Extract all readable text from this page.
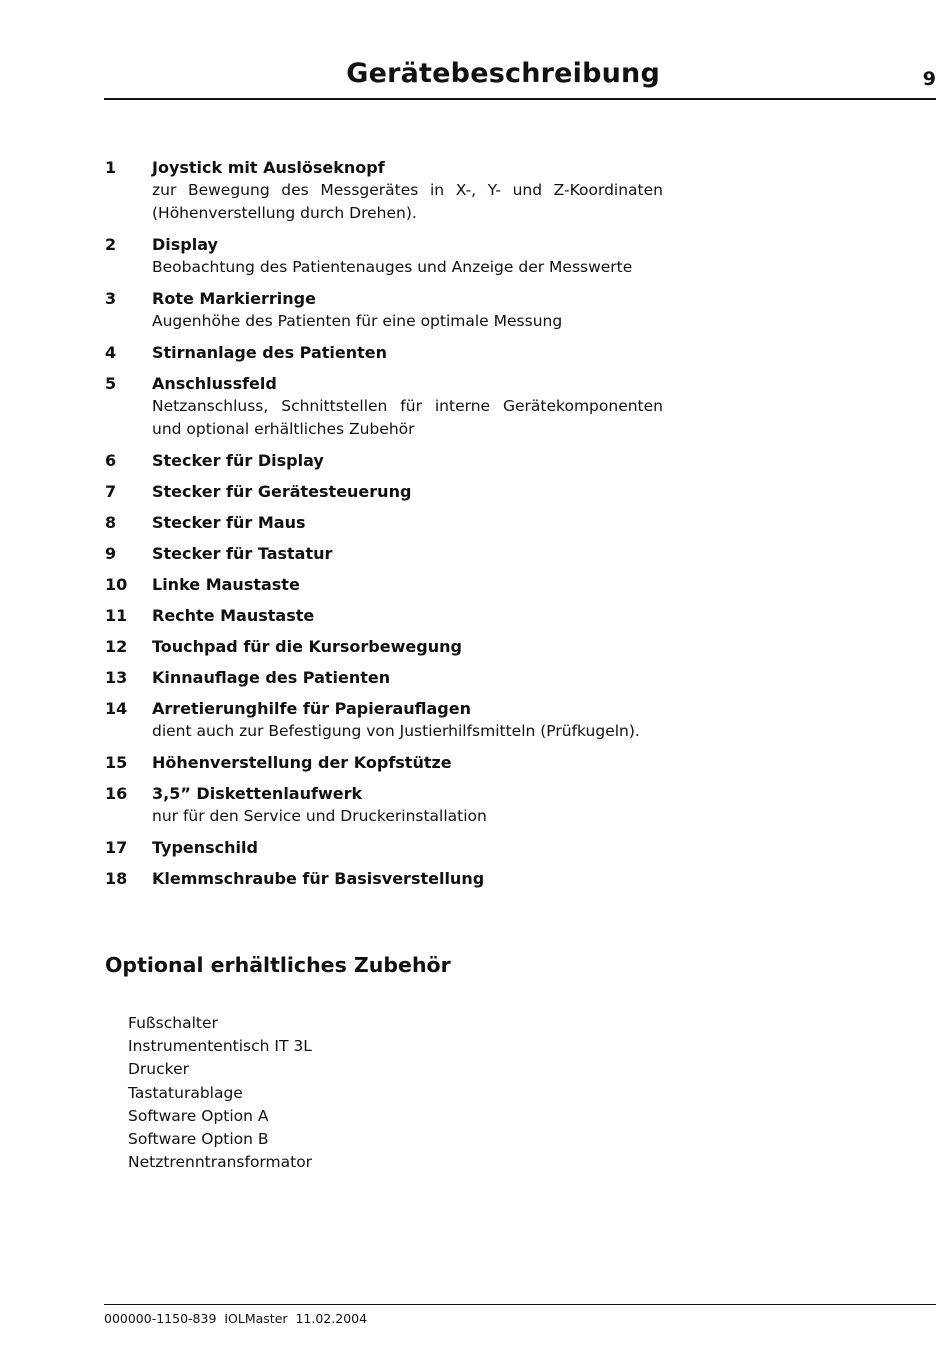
Gerätebeschreibung	9
1	Joystick mit Auslöseknopf
zur Bewegung des Messgerätes in X-, Y- und Z-Koordinaten (Höhenverstellung durch Drehen).
2	Display
Beobachtung des Patientenauges und Anzeige der Messwerte
3	Rote Markierringe
Augenhöhe des Patienten für eine optimale Messung
4	Stirnanlage des Patienten
5	Anschlussfeld
Netzanschluss, Schnittstellen für interne Gerätekomponenten und optional erhältliches Zubehör
6	Stecker für Display
7	Stecker für Gerätesteuerung
8	Stecker für Maus
9	Stecker für Tastatur
10	Linke Maustaste
11	Rechte Maustaste
12	Touchpad für die Kursorbewegung
13	Kinnauflage des Patienten
14	Arretierunghilfe für Papierauflagen
dient auch zur Befestigung von Justierhilfsmitteln (Prüfkugeln).
15	Höhenverstellung der Kopfstütze
16	3,5” Diskettenlaufwerk
nur für den Service und Druckerinstallation
17	Typenschild
18	Klemmschraube für Basisverstellung
Optional erhältliches Zubehör
Fußschalter
Instrumententisch IT 3L
Drucker
Tastaturablage
Software Option A
Software Option B
Netztrenntransformator
000000-1150-839  IOLMaster  11.02.2004
